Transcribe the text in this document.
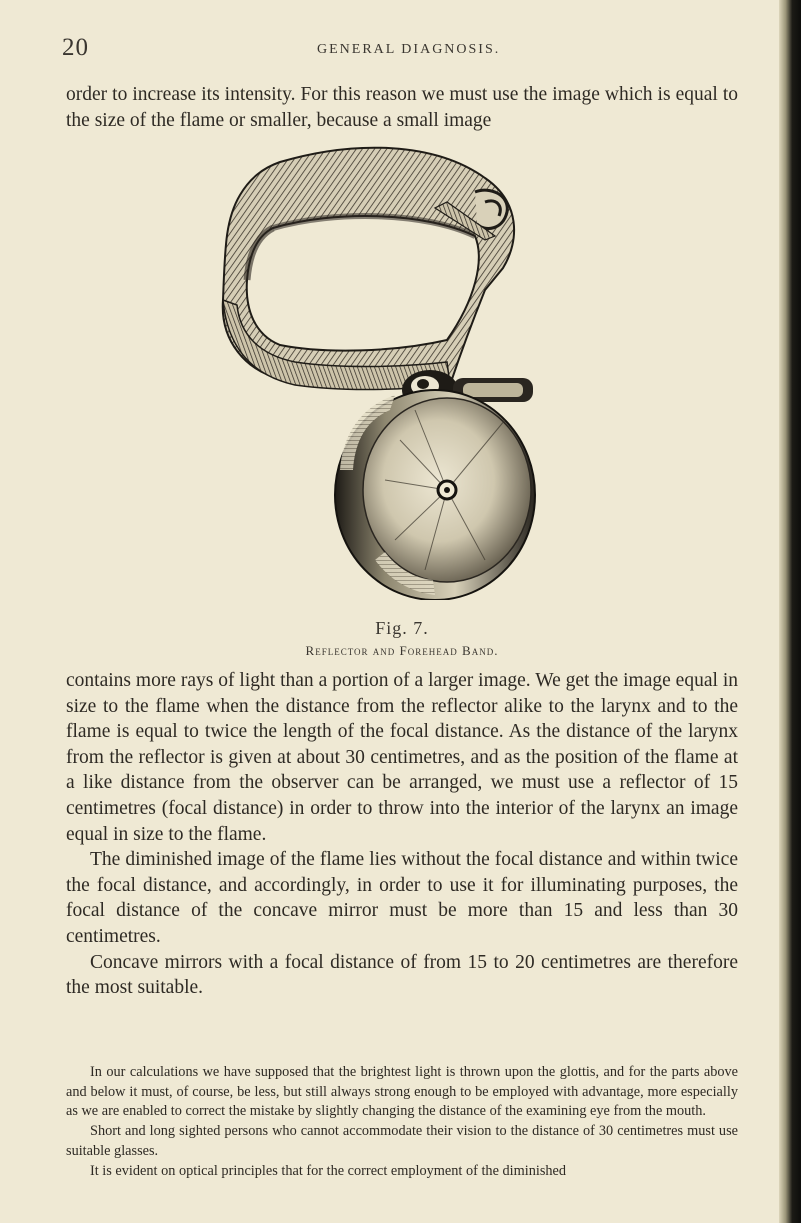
20	GENERAL DIAGNOSIS.

order to increase its intensity. For this reason we must use the image which is equal to the size of the flame or smaller, because a small image

Fig. 7.
Reflector and Forehead Band.

contains more rays of light than a portion of a larger image. We get the image equal in size to the flame when the distance from the reflector alike to the larynx and to the flame is equal to twice the length of the focal distance. As the distance of the larynx from the reflector is given at about 30 centimetres, and as the position of the flame at a like distance from the observer can be arranged, we must use a reflector of 15 centimetres (focal distance) in order to throw into the interior of the larynx an image equal in size to the flame.

The diminished image of the flame lies without the focal distance and within twice the focal distance, and accordingly, in order to use it for illuminating purposes, the focal distance of the concave mirror must be more than 15 and less than 30 centimetres.

Concave mirrors with a focal distance of from 15 to 20 centimetres are therefore the most suitable.

In our calculations we have supposed that the brightest light is thrown upon the glottis, and for the parts above and below it must, of course, be less, but still always strong enough to be employed with advantage, more especially as we are enabled to correct the mistake by slightly changing the distance of the examining eye from the mouth.

Short and long sighted persons who cannot accommodate their vision to the distance of 30 centimetres must use suitable glasses.

It is evident on optical principles that for the correct employment of the diminished
